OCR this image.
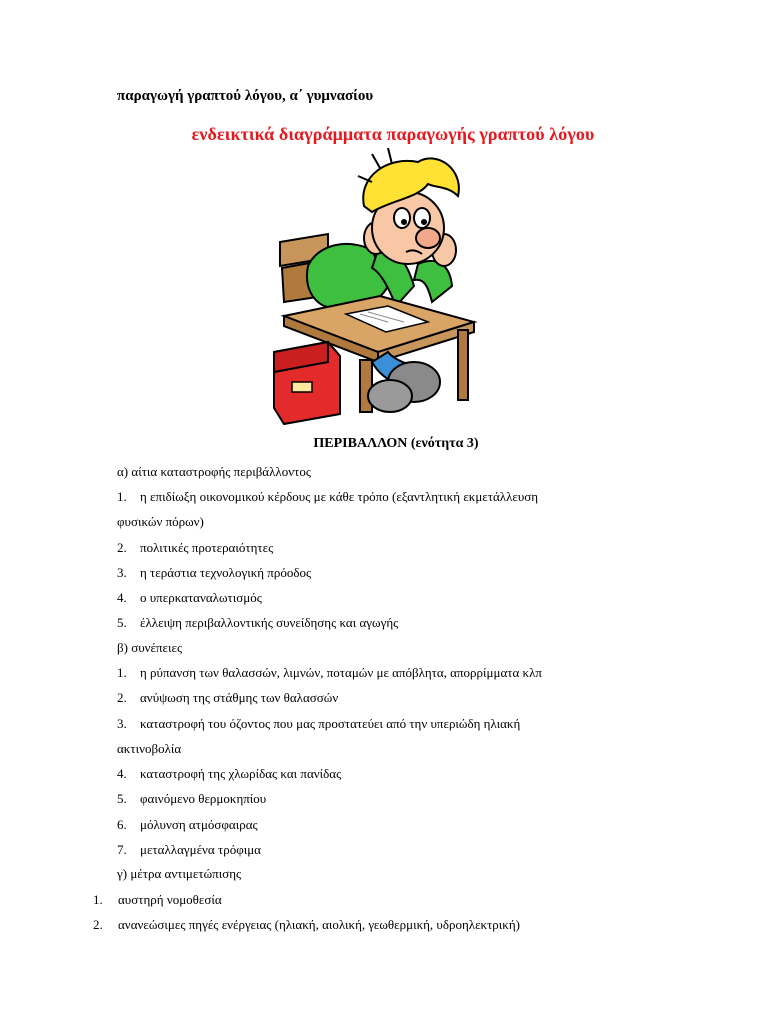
παραγωγή γραπτού λόγου, α΄ γυμνασίου
ενδεικτικά διαγράμματα παραγωγής γραπτού λόγου
ΠΕΡΙΒΑΛΛΟΝ (ενότητα 3)
α) αίτια καταστροφής περιβάλλοντος
1. η επιδίωξη οικονομικού κέρδους με κάθε τρόπο (εξαντλητική εκμετάλλευση
φυσικών πόρων)
2. πολιτικές προτεραιότητες
3. η τεράστια τεχνολογική πρόοδος
4. ο υπερκαταναλωτισμός
5. έλλειψη περιβαλλοντικής συνείδησης και αγωγής
β) συνέπειες
1. η ρύπανση των θαλασσών, λιμνών, ποταμών με απόβλητα, απορρίμματα κλπ
2. ανύψωση της στάθμης των θαλασσών
3. καταστροφή του όζοντος που μας προστατεύει από την υπεριώδη ηλιακή
ακτινοβολία
4. καταστροφή της χλωρίδας και πανίδας
5. φαινόμενο θερμοκηπίου
6. μόλυνση ατμόσφαιρας
7. μεταλλαγμένα τρόφιμα
γ) μέτρα αντιμετώπισης
1. αυστηρή νομοθεσία
2. ανανεώσιμες πηγές ενέργειας (ηλιακή, αιολική, γεωθερμική, υδροηλεκτρική)
